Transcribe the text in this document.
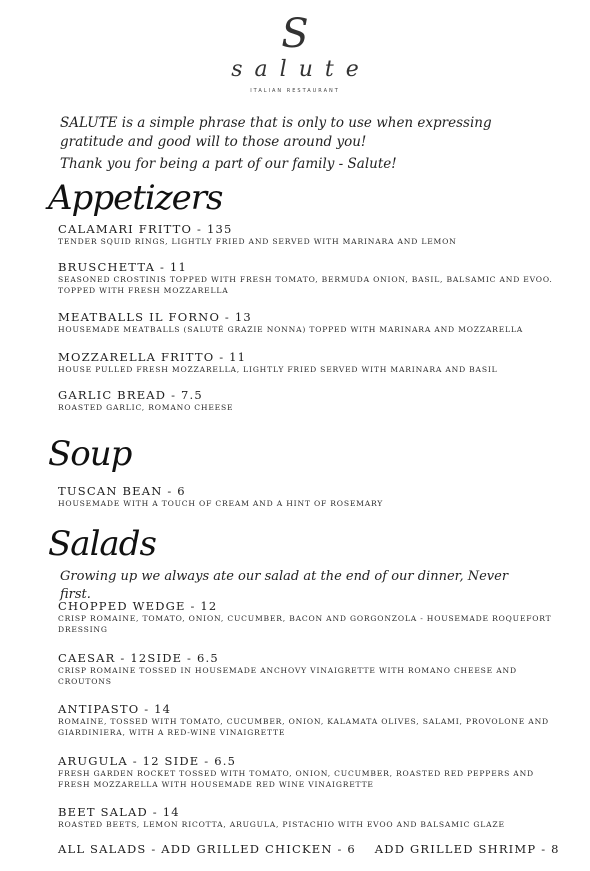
S
salute
ITALIAN RESTAURANT
SALUTE is a simple phrase that is only to use when expressing gratitude and good will to those around you!
Thank you for being a part of our family - Salute!
Appetizers
CALAMARI FRITTO - 135
TENDER SQUID RINGS, LIGHTLY FRIED AND SERVED WITH MARINARA AND LEMON
BRUSCHETTA - 11
SEASONED CROSTINIS TOPPED WITH FRESH TOMATO, BERMUDA ONION, BASIL, BALSAMIC AND EVOO. TOPPED WITH FRESH MOZZARELLA
MEATBALLS IL FORNO - 13
HOUSEMADE MEATBALLS (SALUTÉ GRAZIE NONNA) TOPPED WITH MARINARA AND MOZZARELLA
MOZZARELLA FRITTO - 11
HOUSE PULLED FRESH MOZZARELLA, LIGHTLY FRIED SERVED WITH MARINARA AND BASIL
GARLIC BREAD - 7.5
ROASTED GARLIC, ROMANO CHEESE
Soup
TUSCAN BEAN - 6
HOUSEMADE WITH A TOUCH OF CREAM AND A HINT OF ROSEMARY
Salads
Growing up we always ate our salad at the end of our dinner, Never first.
CHOPPED WEDGE - 12
CRISP ROMAINE, TOMATO, ONION, CUCUMBER, BACON AND GORGONZOLA - HOUSEMADE ROQUEFORT DRESSING
CAESAR - 12SIDE - 6.5
CRISP ROMAINE TOSSED IN HOUSEMADE ANCHOVY VINAIGRETTE WITH ROMANO CHEESE AND CROUTONS
ANTIPASTO - 14
ROMAINE, TOSSED WITH TOMATO, CUCUMBER, ONION, KALAMATA OLIVES, SALAMI, PROVOLONE AND GIARDINIERA, WITH A RED-WINE VINAIGRETTE
ARUGULA - 12 SIDE - 6.5
FRESH GARDEN ROCKET TOSSED WITH TOMATO, ONION, CUCUMBER, ROASTED RED PEPPERS AND FRESH MOZZARELLA WITH HOUSEMADE RED WINE VINAIGRETTE
BEET SALAD - 14
ROASTED BEETS, LEMON RICOTTA, ARUGULA, PISTACHIO WITH EVOO AND BALSAMIC GLAZE
ALL SALADS - ADD GRILLED CHICKEN - 6 ADD GRILLED SHRIMP - 8
